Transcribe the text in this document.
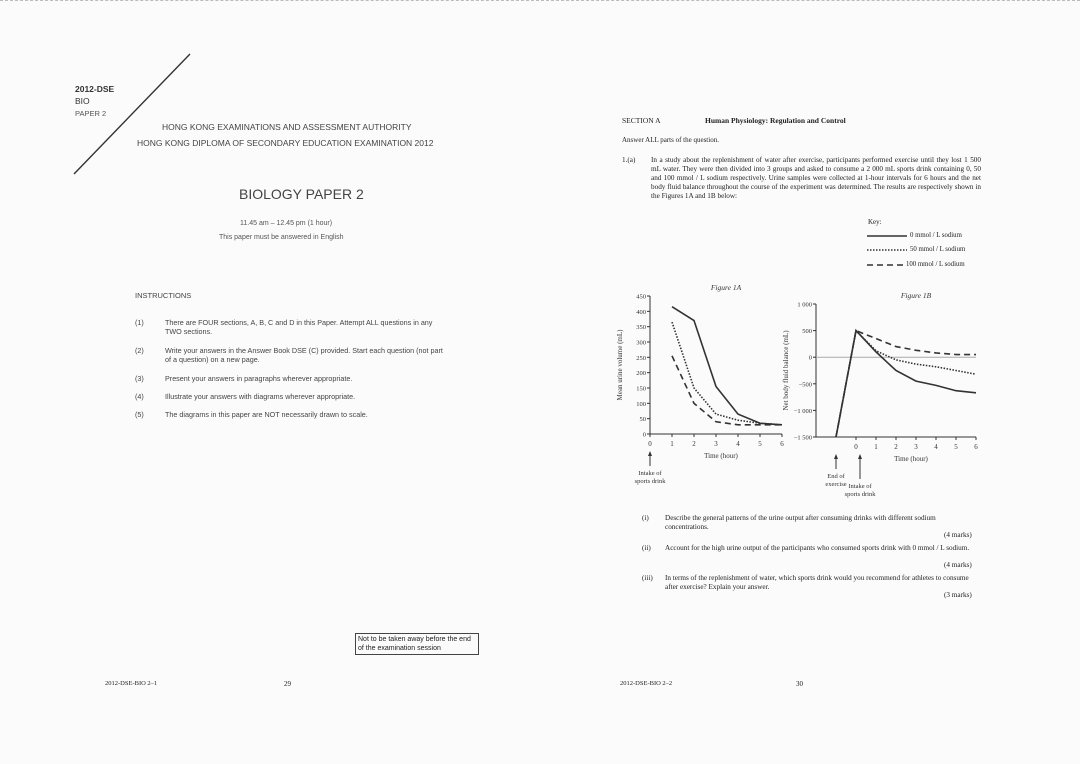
2012-DSE
BIO
PAPER 2
HONG KONG EXAMINATIONS AND ASSESSMENT AUTHORITY
HONG KONG DIPLOMA OF SECONDARY EDUCATION EXAMINATION 2012
BIOLOGY PAPER 2
11.45 am – 12.45 pm (1 hour)
This paper must be answered in English
INSTRUCTIONS
(1)	There are FOUR sections, A, B, C and D in this Paper. Attempt ALL questions in any TWO sections.
(2)	Write your answers in the Answer Book DSE (C) provided. Start each question (not part of a question) on a new page.
(3)	Present your answers in paragraphs wherever appropriate.
(4)	Illustrate your answers with diagrams wherever appropriate.
(5)	The diagrams in this paper are NOT necessarily drawn to scale.
Not to be taken away before the end of the examination session
2012-DSE-BIO 2–1	29
SECTION A	Human Physiology: Regulation and Control
Answer ALL parts of the question.
1.(a) In a study about the replenishment of water after exercise, participants performed exercise until they lost 1 500 mL water. They were then divided into 3 groups and asked to consume a 2 000 mL sports drink containing 0, 50 and 100 mmol / L sodium respectively. Urine samples were collected at 1-hour intervals for 6 hours and the net body fluid balance throughout the course of the experiment was determined. The results are respectively shown in the Figures 1A and 1B below:
Key:
0 mmol / L sodium
50 mmol / L sodium
100 mmol / L sodium
Figure 1A
0	1	2	3	4	5	6
0
50
100
150
200
250
300
350
400
450
Time (hour)
Mean urine volume (mL)
Intake of
sports drink
Figure 1B
0 1 2 3 4 5 6
−1 500
−1 000
−500
0
500
1 000
Time (hour)
Net body fluid balance (mL)
End of
exercise Intake of
sports drink
(i) Describe the general patterns of the urine output after consuming drinks with different sodium concentrations.
(4 marks)
(ii) Account for the high urine output of the participants who consumed sports drink with 0 mmol / L sodium.
(4 marks)
(iii) In terms of the replenishment of water, which sports drink would you recommend for athletes to consume after exercise? Explain your answer.
(3 marks)
2012-DSE-BIO 2–2	30
